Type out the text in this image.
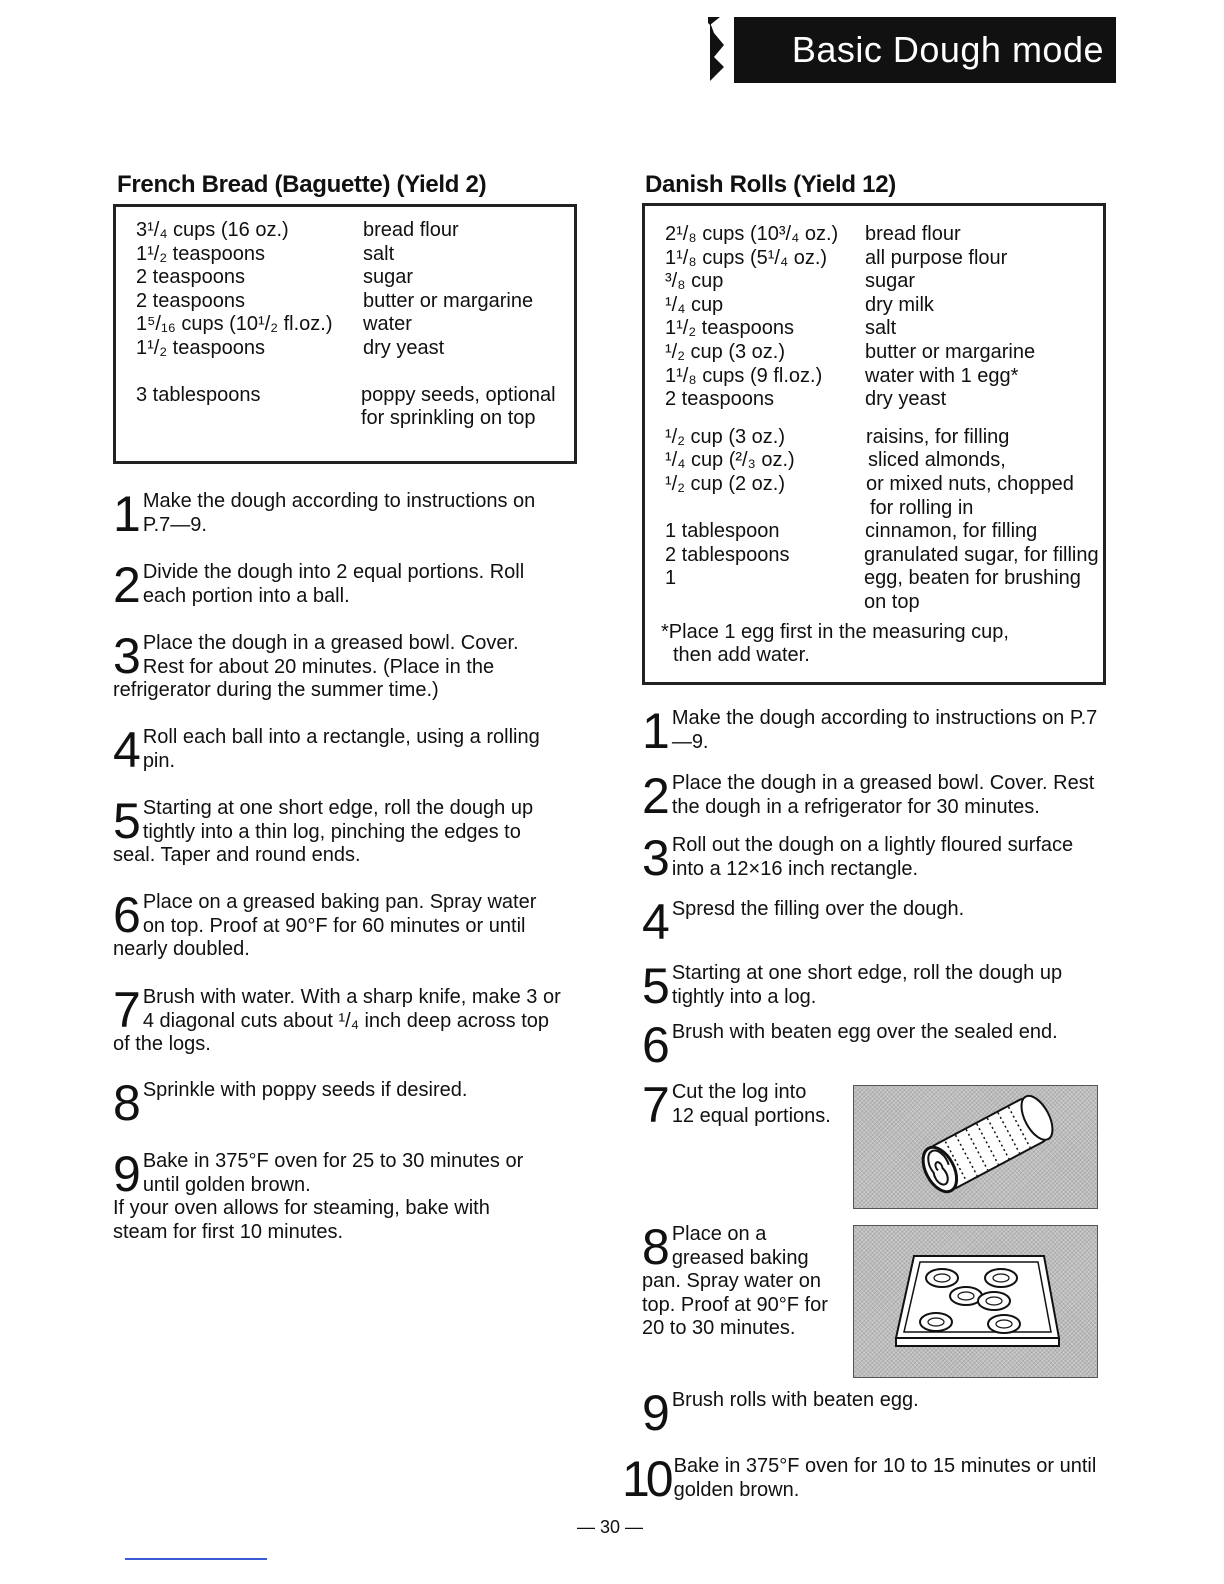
Basic Dough mode
French Bread (Baguette) (Yield 2)
3¹/₄ cups (16 oz.)	bread flour
1¹/₂ teaspoons	salt
2 teaspoons	sugar
2 teaspoons	butter or margarine
1⁵/₁₆ cups (10¹/₂ fl.oz.) water
1¹/₂ teaspoons	dry yeast
3 tablespoons	poppy seeds, optional
for sprinkling on top
1 Make the dough according to instructions on P.7—9.
2 Divide the dough into 2 equal portions. Roll each portion into a ball.
3 Place the dough in a greased bowl. Cover. Rest for about 20 minutes. (Place in the refrigerator during the summer time.)
4 Roll each ball into a rectangle, using a rolling pin.
5 Starting at one short edge, roll the dough up tightly into a thin log, pinching the edges to seal. Taper and round ends.
6 Place on a greased baking pan. Spray water on top. Proof at 90°F for 60 minutes or until nearly doubled.
7 Brush with water. With a sharp knife, make 3 or 4 diagonal cuts about ¹/₄ inch deep across top of the logs.
8 Sprinkle with poppy seeds if desired.
9 Bake in 375°F oven for 25 to 30 minutes or until golden brown.
If your oven allows for steaming, bake with steam for first 10 minutes.
Danish Rolls (Yield 12)
2¹/₈ cups (10³/₄ oz.) bread flour
1¹/₈ cups (5¹/₄ oz.) all purpose flour
³/₈ cup	sugar
¹/₄ cup	dry milk
1¹/₂ teaspoons	salt
¹/₂ cup (3 oz.)	butter or margarine
1¹/₈ cups (9 fl.oz.) water with 1 egg*
2 teaspoons	dry yeast
¹/₂ cup (3 oz.)	raisins, for filling
¹/₄ cup (²/₃ oz.)	sliced almonds,
¹/₂ cup (2 oz.)	or mixed nuts, chopped
for rolling in
1 tablespoon	cinnamon, for filling
2 tablespoons	granulated sugar, for filling
1	egg, beaten for brushing
on top
*Place 1 egg first in the measuring cup,
then add water.
1 Make the dough according to instructions on P.7—9.
2 Place the dough in a greased bowl. Cover. Rest the dough in a refrigerator for 30 minutes.
3 Roll out the dough on a lightly floured surface into a 12×16 inch rectangle.
4 Spresd the filling over the dough.
5 Starting at one short edge, roll the dough up tightly into a log.
6 Brush with beaten egg over the sealed end.
7 Cut the log into 12 equal portions.
8 Place on a greased baking pan. Spray water on top. Proof at 90°F for 20 to 30 minutes.
9 Brush rolls with beaten egg.
10 Bake in 375°F oven for 10 to 15 minutes or until golden brown.
— 30 —
